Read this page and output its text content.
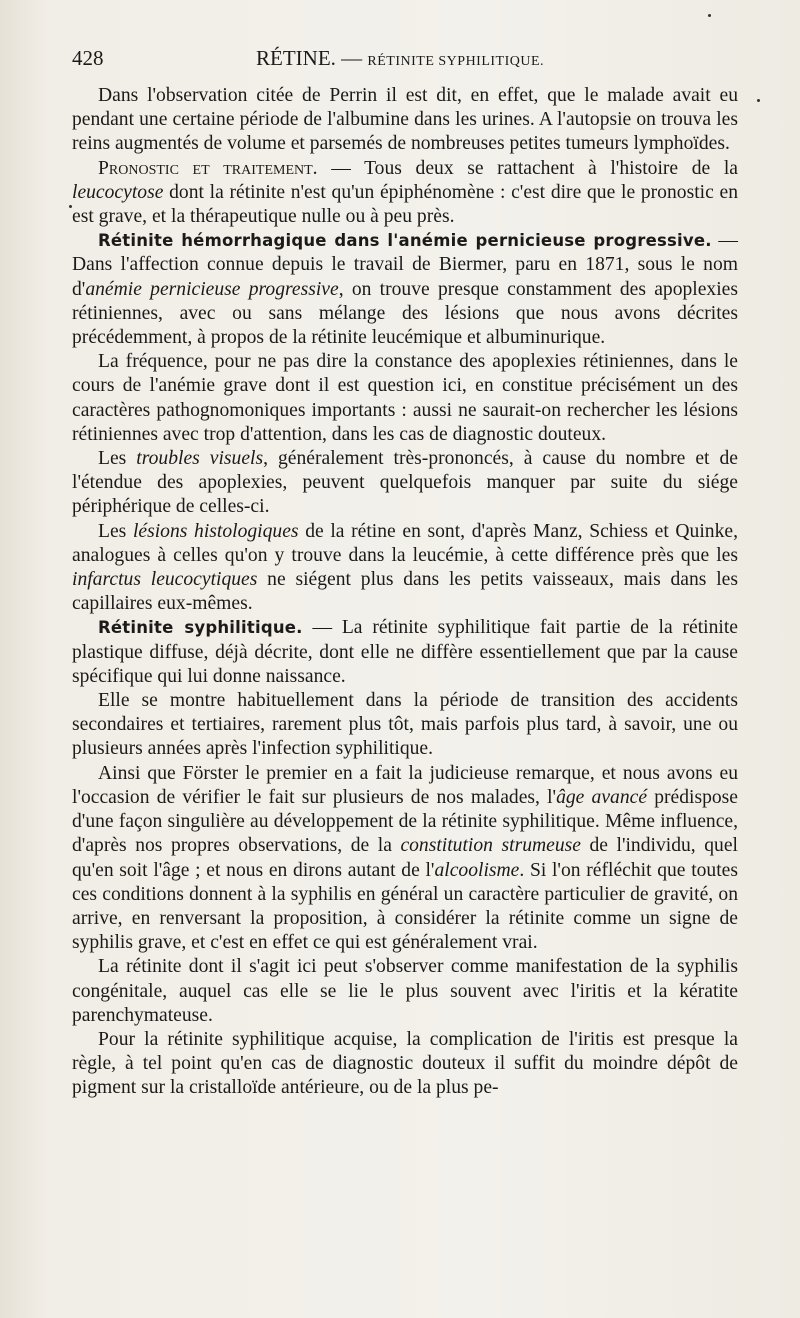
428	RÉTINE. — RÉTINITE SYPHILITIQUE.

Dans l'observation citée de Perrin il est dit, en effet, que le malade avait eu pendant une certaine période de l'albumine dans les urines. A l'autopsie on trouva les reins augmentés de volume et parsemés de nombreuses petites tumeurs lymphoïdes.

Pronostic et traitement. — Tous deux se rattachent à l'histoire de la leucocytose dont la rétinite n'est qu'un épiphénomène : c'est dire que le pronostic en est grave, et la thérapeutique nulle ou à peu près.

Rétinite hémorrhagique dans l'anémie pernicieuse progressive. — Dans l'affection connue depuis le travail de Biermer, paru en 1871, sous le nom d'anémie pernicieuse progressive, on trouve presque constamment des apoplexies rétiniennes, avec ou sans mélange des lésions que nous avons décrites précédemment, à propos de la rétinite leucémique et albuminurique.

La fréquence, pour ne pas dire la constance des apoplexies rétiniennes, dans le cours de l'anémie grave dont il est question ici, en constitue précisément un des caractères pathognomoniques importants : aussi ne saurait-on rechercher les lésions rétiniennes avec trop d'attention, dans les cas de diagnostic douteux.

Les troubles visuels, généralement très-prononcés, à cause du nombre et de l'étendue des apoplexies, peuvent quelquefois manquer par suite du siége périphérique de celles-ci.

Les lésions histologiques de la rétine en sont, d'après Manz, Schiess et Quinke, analogues à celles qu'on y trouve dans la leucémie, à cette différence près que les infarctus leucocytiques ne siégent plus dans les petits vaisseaux, mais dans les capillaires eux-mêmes.

Rétinite syphilitique. — La rétinite syphilitique fait partie de la rétinite plastique diffuse, déjà décrite, dont elle ne diffère essentiellement que par la cause spécifique qui lui donne naissance.

Elle se montre habituellement dans la période de transition des accidents secondaires et tertiaires, rarement plus tôt, mais parfois plus tard, à savoir, une ou plusieurs années après l'infection syphilitique.

Ainsi que Förster le premier en a fait la judicieuse remarque, et nous avons eu l'occasion de vérifier le fait sur plusieurs de nos malades, l'âge avancé prédispose d'une façon singulière au développement de la rétinite syphilitique. Même influence, d'après nos propres observations, de la constitution strumeuse de l'individu, quel qu'en soit l'âge ; et nous en dirons autant de l'alcoolisme. Si l'on réfléchit que toutes ces conditions donnent à la syphilis en général un caractère particulier de gravité, on arrive, en renversant la proposition, à considérer la rétinite comme un signe de syphilis grave, et c'est en effet ce qui est généralement vrai.

La rétinite dont il s'agit ici peut s'observer comme manifestation de la syphilis congénitale, auquel cas elle se lie le plus souvent avec l'iritis et la kératite parenchymateuse.

Pour la rétinite syphilitique acquise, la complication de l'iritis est presque la règle, à tel point qu'en cas de diagnostic douteux il suffit du moindre dépôt de pigment sur la cristalloïde antérieure, ou de la plus pe-
